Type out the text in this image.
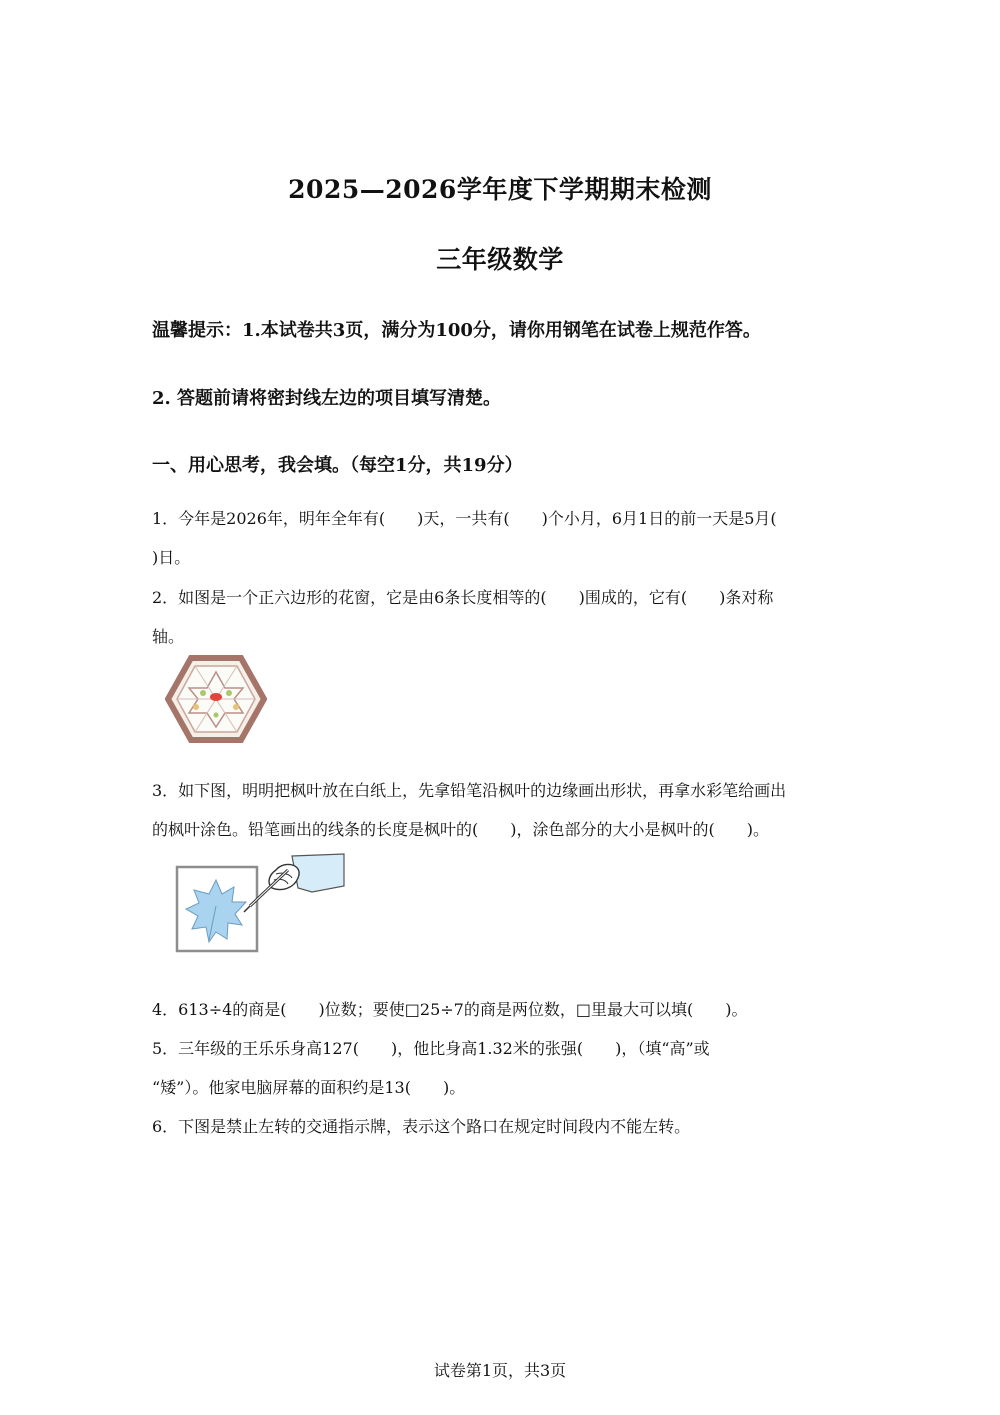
2025—2026学年度下学期期末检测
三年级数学
温馨提示：1.本试卷共3页，满分为100分，请你用钢笔在试卷上规范作答。
2. 答题前请将密封线左边的项目填写清楚。
一、用心思考，我会填。（每空1分，共19分）
1．今年是2026年，明年全年有(　　)天，一共有(　　)个小月，6月1日的前一天是5月(
)日。
2．如图是一个正六边形的花窗，它是由6条长度相等的(　　)围成的，它有(　　)条对称
轴。
3．如下图，明明把枫叶放在白纸上，先拿铅笔沿枫叶的边缘画出形状，再拿水彩笔给画出
的枫叶涂色。铅笔画出的线条的长度是枫叶的(　　)，涂色部分的大小是枫叶的(　　)。
4．613÷4的商是(　　)位数；要使□25÷7的商是两位数，□里最大可以填(　　)。
5．三年级的王乐乐身高127(　　)，他比身高1.32米的张强(　　)，（填“高”或
“矮”）。他家电脑屏幕的面积约是13(　　)。
6．下图是禁止左转的交通指示牌，表示这个路口在规定时间段内不能左转。
试卷第1页，共3页
